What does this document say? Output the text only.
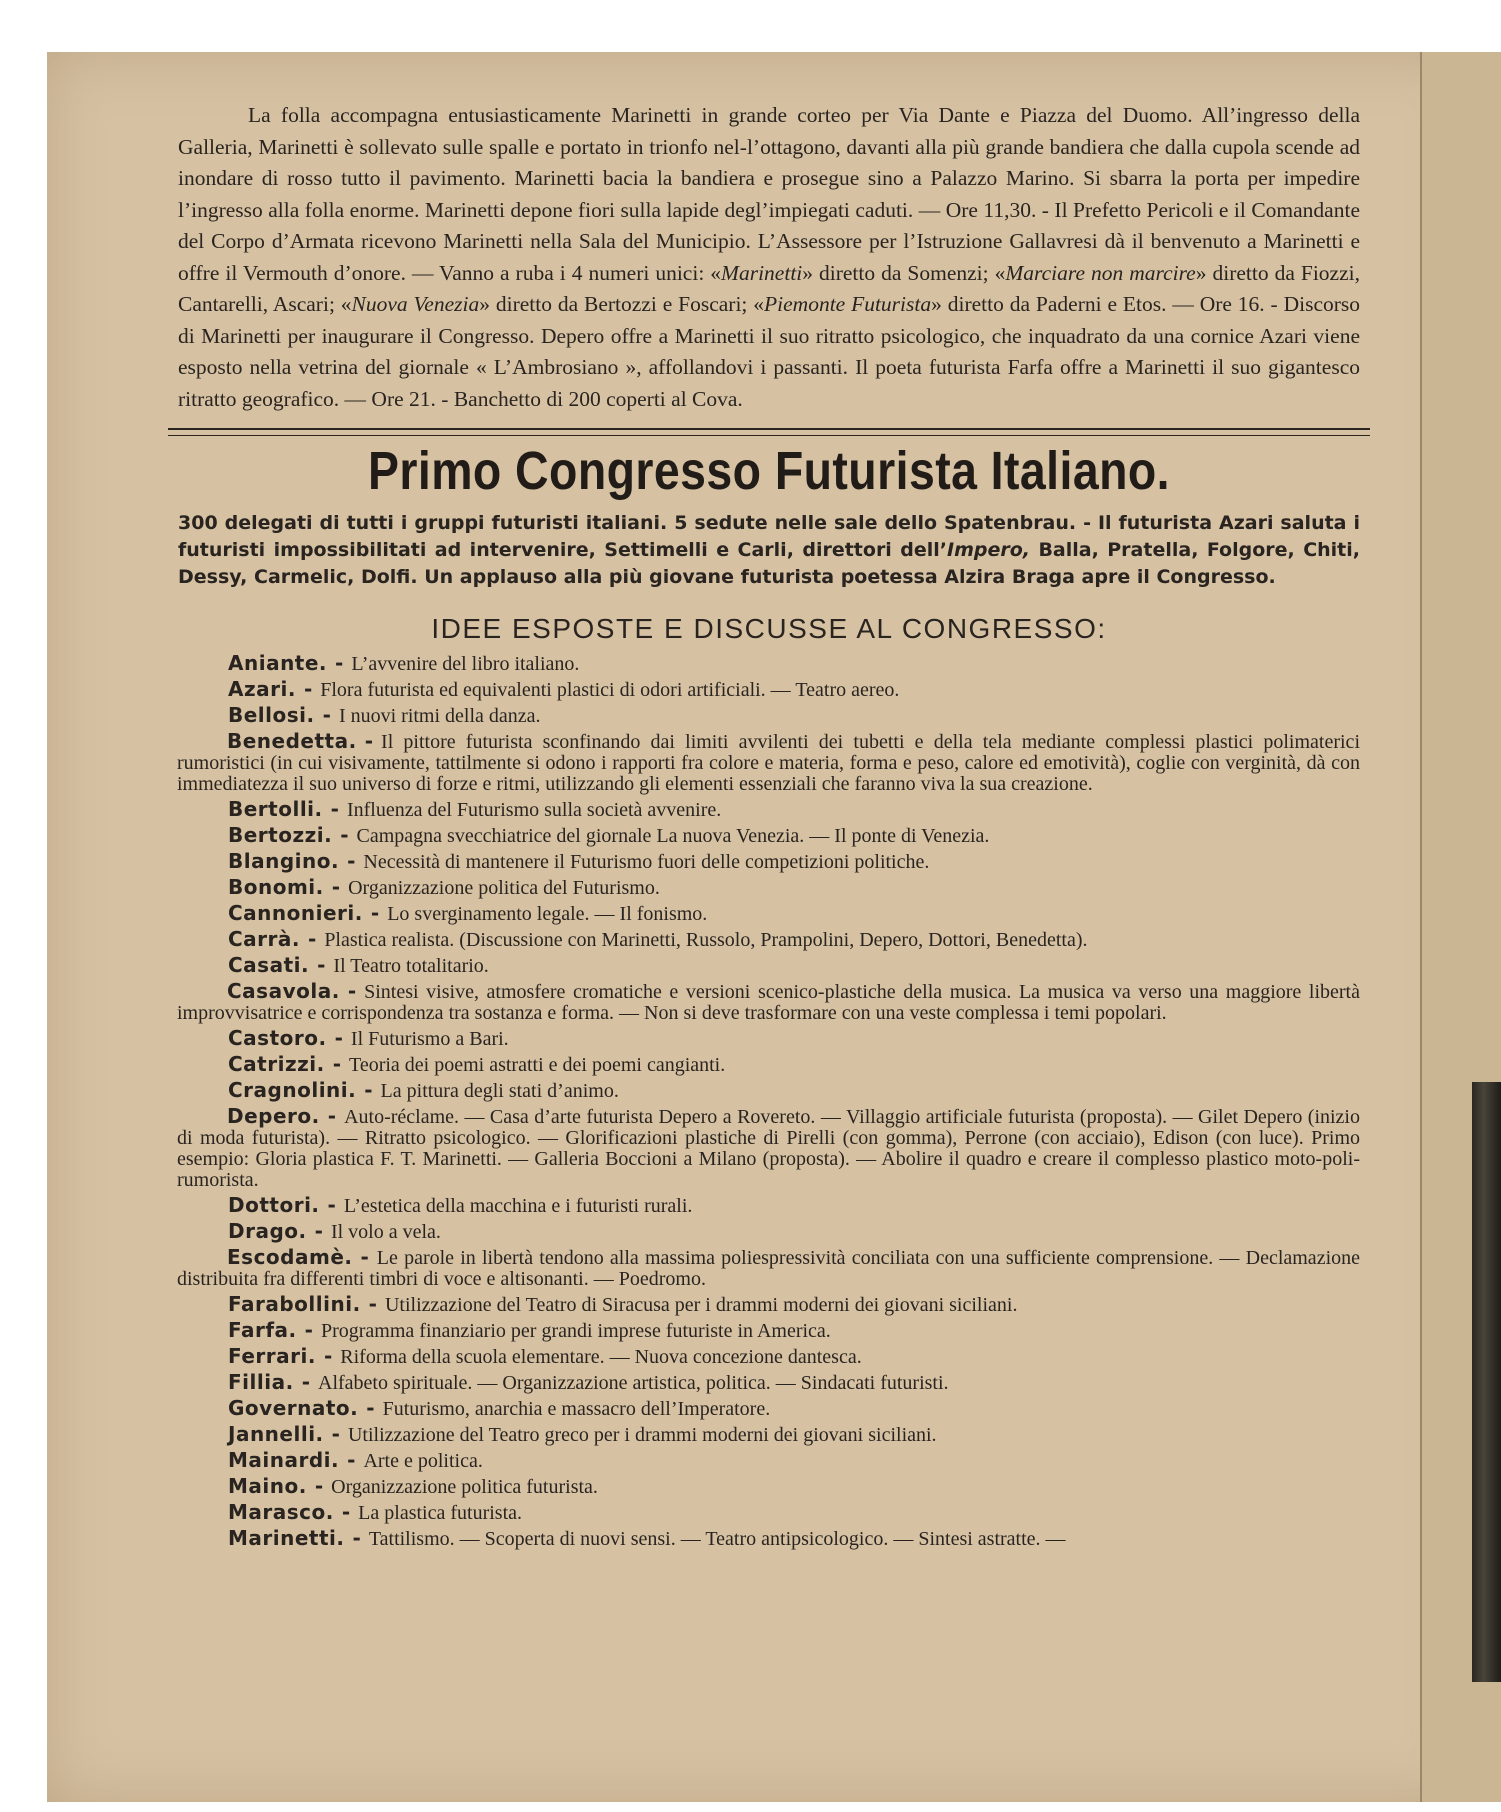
La folla accompagna entusiasticamente Marinetti in grande corteo per Via Dante e Piazza del Duomo. All’ingresso della Galleria, Marinetti è sollevato sulle spalle e portato in trionfo nel-l’ottagono, davanti alla più grande bandiera che dalla cupola scende ad inondare di rosso tutto il pavimento. Marinetti bacia la bandiera e prosegue sino a Palazzo Marino. Si sbarra la porta per impedire l’ingresso alla folla enorme. Marinetti depone fiori sulla lapide degl’impiegati caduti. — Ore 11,30. - Il Prefetto Pericoli e il Comandante del Corpo d’Armata ricevono Marinetti nella Sala del Municipio. L’Assessore per l’Istruzione Gallavresi dà il benvenuto a Marinetti e offre il Vermouth d’onore. — Vanno a ruba i 4 numeri unici: «Marinetti» diretto da Somenzi; «Marciare non marcire» diretto da Fiozzi, Cantarelli, Ascari; «Nuova Venezia» diretto da Bertozzi e Foscari; «Piemonte Futurista» diretto da Paderni e Etos. — Ore 16. - Discorso di Marinetti per inaugurare il Congresso. Depero offre a Marinetti il suo ritratto psicologico, che inquadrato da una cornice Azari viene esposto nella vetrina del giornale « L’Ambrosiano », affollandovi i passanti. Il poeta futurista Farfa offre a Marinetti il suo gigantesco ritratto geografico. — Ore 21. - Banchetto di 200 coperti al Cova.

Primo Congresso Futurista Italiano.

300 delegati di tutti i gruppi futuristi italiani. 5 sedute nelle sale dello Spatenbrau. - Il futurista Azari saluta i futuristi impossibilitati ad intervenire, Settimelli e Carli, direttori dell’Impero, Balla, Pratella, Folgore, Chiti, Dessy, Carmelic, Dolfi. Un applauso alla più giovane futurista poetessa Alzira Braga apre il Congresso.

IDEE ESPOSTE E DISCUSSE AL CONGRESSO:
Aniante. - L’avvenire del libro italiano.
Azari. - Flora futurista ed equivalenti plastici di odori artificiali. — Teatro aereo.
Bellosi. - I nuovi ritmi della danza.
Benedetta. - Il pittore futurista sconfinando dai limiti avvilenti dei tubetti e della tela mediante complessi plastici polimaterici rumoristici (in cui visivamente, tattilmente si odono i rapporti fra colore e materia, forma e peso, calore ed emotività), coglie con verginità, dà con immediatezza il suo universo di forze e ritmi, utilizzando gli elementi essenziali che faranno viva la sua creazione.
Bertolli. - Influenza del Futurismo sulla società avvenire.
Bertozzi. - Campagna svecchiatrice del giornale La nuova Venezia. — Il ponte di Venezia.
Blangino. - Necessità di mantenere il Futurismo fuori delle competizioni politiche.
Bonomi. - Organizzazione politica del Futurismo.
Cannonieri. - Lo sverginamento legale. — Il fonismo.
Carrà. - Plastica realista. (Discussione con Marinetti, Russolo, Prampolini, Depero, Dottori, Benedetta).
Casati. - Il Teatro totalitario.
Casavola. - Sintesi visive, atmosfere cromatiche e versioni scenico-plastiche della musica. La musica va verso una maggiore libertà improvvisatrice e corrispondenza tra sostanza e forma. — Non si deve trasformare con una veste complessa i temi popolari.
Castoro. - Il Futurismo a Bari.
Catrizzi. - Teoria dei poemi astratti e dei poemi cangianti.
Cragnolini. - La pittura degli stati d’animo.
Depero. - Auto-réclame. — Casa d’arte futurista Depero a Rovereto. — Villaggio artificiale futurista (proposta). — Gilet Depero (inizio di moda futurista). — Ritratto psicologico. — Glorificazioni plastiche di Pirelli (con gomma), Perrone (con acciaio), Edison (con luce). Primo esempio: Gloria plastica F. T. Marinetti. — Galleria Boccioni a Milano (proposta). — Abolire il quadro e creare il complesso plastico moto-poli-rumorista.
Dottori. - L’estetica della macchina e i futuristi rurali.
Drago. - Il volo a vela.
Escodamè. - Le parole in libertà tendono alla massima poliespressività conciliata con una sufficiente comprensione. — Declamazione distribuita fra differenti timbri di voce e altisonanti. — Poedromo.
Farabollini. - Utilizzazione del Teatro di Siracusa per i drammi moderni dei giovani siciliani.
Farfa. - Programma finanziario per grandi imprese futuriste in America.
Ferrari. - Riforma della scuola elementare. — Nuova concezione dantesca.
Fillia. - Alfabeto spirituale. — Organizzazione artistica, politica. — Sindacati futuristi.
Governato. - Futurismo, anarchia e massacro dell’Imperatore.
Jannelli. - Utilizzazione del Teatro greco per i drammi moderni dei giovani siciliani.
Mainardi. - Arte e politica.
Maino. - Organizzazione politica futurista.
Marasco. - La plastica futurista.
Marinetti. - Tattilismo. — Scoperta di nuovi sensi. — Teatro antipsicologico. — Sintesi astratte. —
